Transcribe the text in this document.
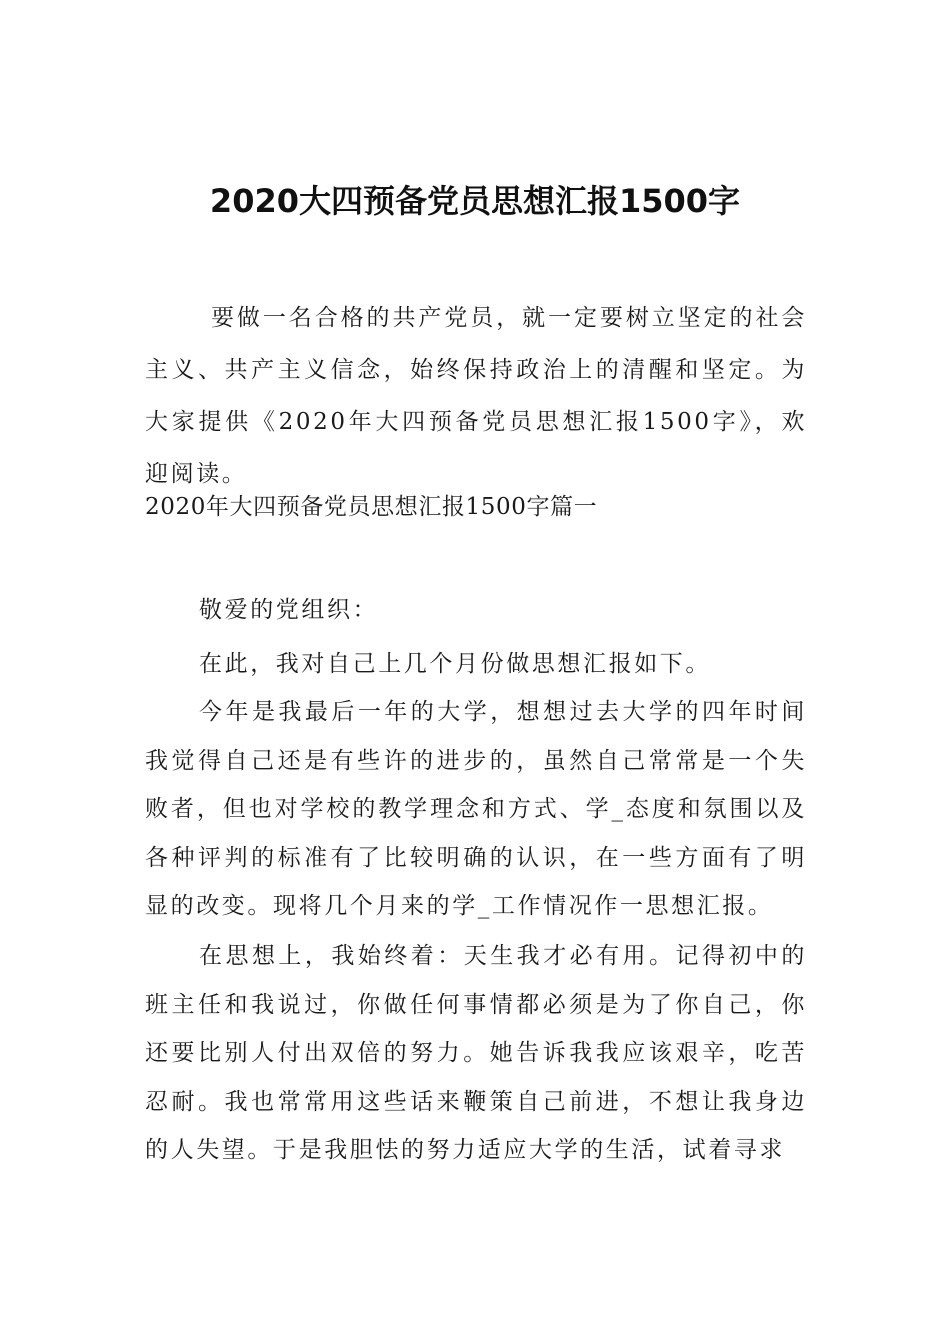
2020大四预备党员思想汇报1500字

要做一名合格的共产党员，就一定要树立坚定的社会主义、共产主义信念，始终保持政治上的清醒和坚定。为大家提供《2020年大四预备党员思想汇报1500字》，欢迎阅读。

2020年大四预备党员思想汇报1500字篇一

敬爱的党组织：

在此，我对自己上几个月份做思想汇报如下。

今年是我最后一年的大学，想想过去大学的四年时间我觉得自己还是有些许的进步的，虽然自己常常是一个失败者，但也对学校的教学理念和方式、学_态度和氛围以及各种评判的标准有了比较明确的认识，在一些方面有了明显的改变。现将几个月来的学_工作情况作一思想汇报。

在思想上，我始终着：天生我才必有用。记得初中的班主任和我说过，你做任何事情都必须是为了你自己，你还要比别人付出双倍的努力。她告诉我我应该艰辛，吃苦忍耐。我也常常用这些话来鞭策自己前进，不想让我身边的人失望。于是我胆怯的努力适应大学的生活，试着寻求
